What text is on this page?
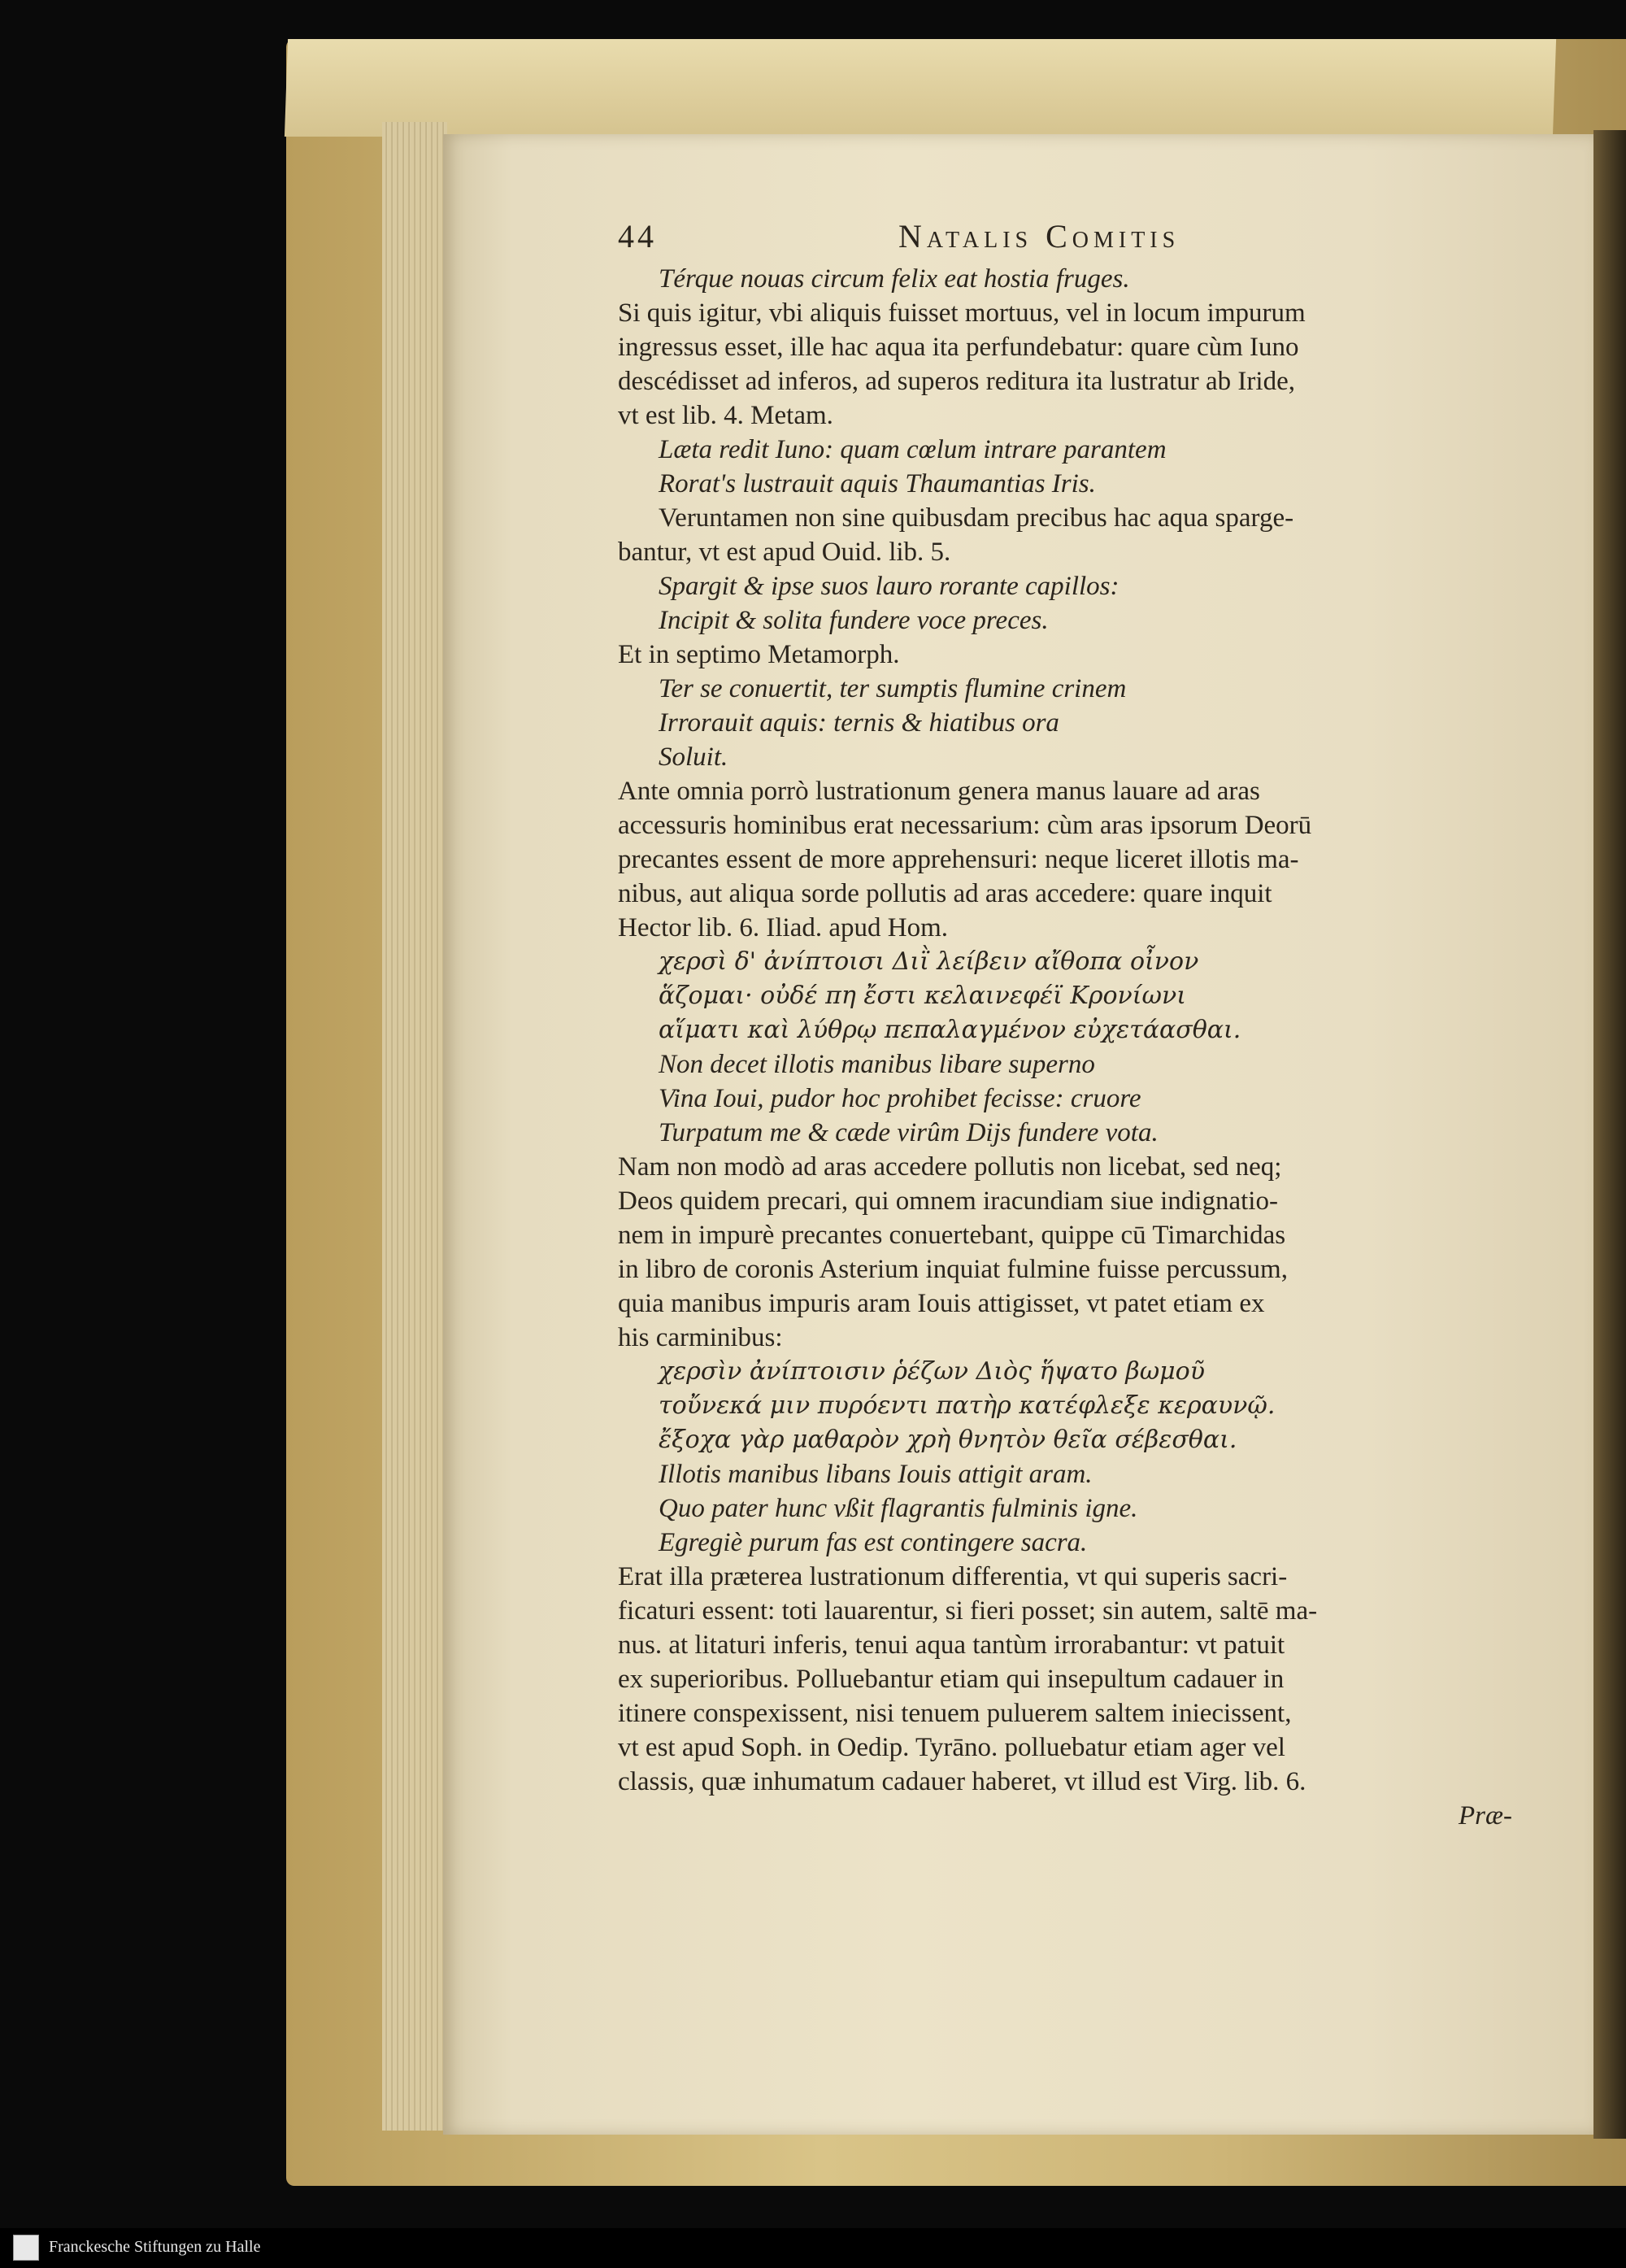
44	Natalis Comitis
Térque nouas circum felix eat hostia fruges.
Si quis igitur, vbi aliquis fuisset mortuus, vel in locum impurum
ingressus esset, ille hac aqua ita perfundebatur: quare cùm Iuno
descédisset ad inferos, ad superos reditura ita lustratur ab Iride,
vt est lib. 4. Metam.
Læta redit Iuno: quam cœlum intrare parantem
Rorat's lustrauit aquis Thaumantias Iris.
Veruntamen non sine quibusdam precibus hac aqua sparge-
bantur, vt est apud Ouid. lib. 5.
Spargit & ipse suos lauro rorante capillos:
Incipit & solita fundere voce preces.
Et in septimo Metamorph.
Ter se conuertit, ter sumptis flumine crinem
Irrorauit aquis: ternis & hiatibus ora
Soluit.
Ante omnia porrò lustrationum genera manus lauare ad aras
accessuris hominibus erat necessarium: cùm aras ipsorum Deorū
precantes essent de more apprehensuri: neque liceret illotis ma-
nibus, aut aliqua sorde pollutis ad aras accedere: quare inquit
Hector lib. 6. Iliad. apud Hom.
χερσὶ δ' ἀνίπτοισι Διῒ λείβειν αἴθοπα οἶνον
ἅζομαι· οὐδέ πη ἔστι κελαινεφέϊ Κρονίωνι
αἵματι καὶ λύθρῳ πεπαλαγμένον εὐχετάασθαι.
Non decet illotis manibus libare superno
Vina Ioui, pudor hoc prohibet fecisse: cruore
Turpatum me & cæde virûm Dijs fundere vota.
Nam non modò ad aras accedere pollutis non licebat, sed neq;
Deos quidem precari, qui omnem iracundiam siue indignatio-
nem in impurè precantes conuertebant, quippe cū Timarchidas
in libro de coronis Asterium inquiat fulmine fuisse percussum,
quia manibus impuris aram Iouis attigisset, vt patet etiam ex
his carminibus:
χερσὶν ἀνίπτοισιν ῥέζων Διὸς ἥψατο βωμοῦ
τοὔνεκά μιν πυρόεντι πατὴρ κατέφλεξε κεραυνῷ.
ἔξοχα γὰρ μαθαρὸν χρὴ θνητὸν θεῖα σέβεσθαι.
Illotis manibus libans Iouis attigit aram.
Quo pater hunc vßit flagrantis fulminis igne.
Egregiè purum fas est contingere sacra.
Erat illa præterea lustrationum differentia, vt qui superis sacri-
ficaturi essent: toti lauarentur, si fieri posset; sin autem, saltē ma-
nus. at litaturi inferis, tenui aqua tantùm irrorabantur: vt patuit
ex superioribus. Polluebantur etiam qui insepultum cadauer in
itinere conspexissent, nisi tenuem puluerem saltem iniecissent,
vt est apud Soph. in Oedip. Tyrāno. polluebatur etiam ager vel
classis, quæ inhumatum cadauer haberet, vt illud est Virg. lib. 6.
Præ-
Franckesche Stiftungen zu Halle
